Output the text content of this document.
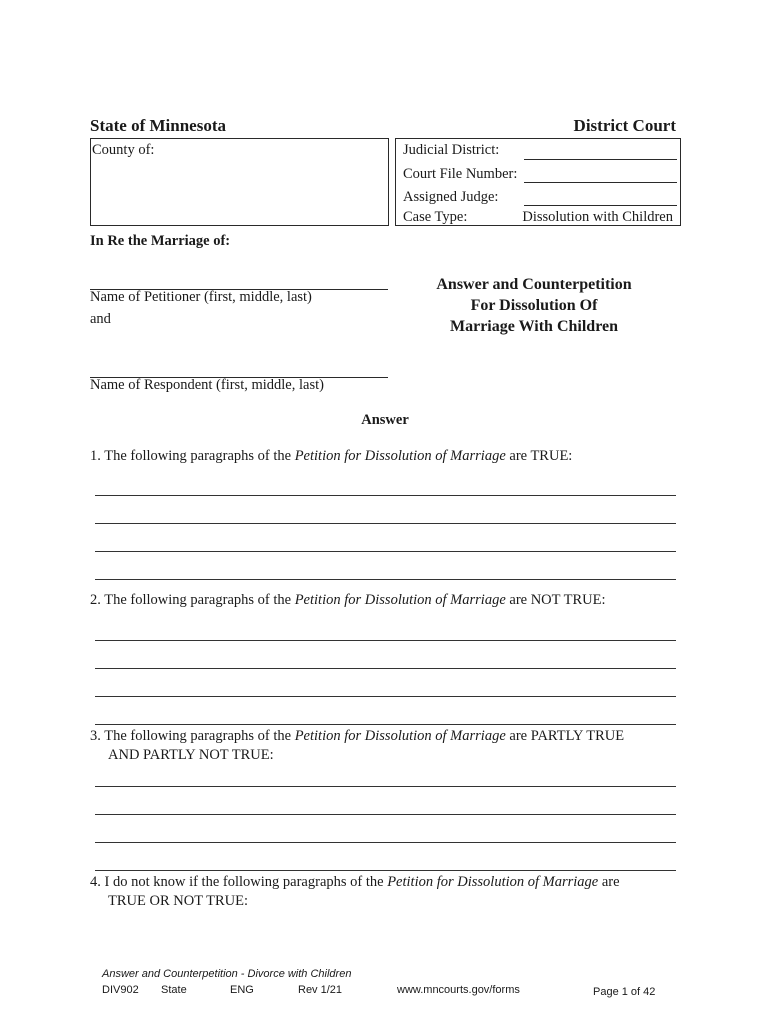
State of Minnesota	District Court
County of:	Judicial District:
Court File Number:
Assigned Judge:
Case Type:	Dissolution with Children
In Re the Marriage of:
Name of Petitioner (first, middle, last)
and
Name of Respondent (first, middle, last)
Answer and Counterpetition
For Dissolution Of
Marriage With Children
Answer
1. The following paragraphs of the Petition for Dissolution of Marriage are TRUE:
2. The following paragraphs of the Petition for Dissolution of Marriage are NOT TRUE:
3. The following paragraphs of the Petition for Dissolution of Marriage are PARTLY TRUE
AND PARTLY NOT TRUE:
4. I do not know if the following paragraphs of the Petition for Dissolution of Marriage are
TRUE OR NOT TRUE:
Answer and Counterpetition - Divorce with Children
DIV902 State	ENG	Rev 1/21	www.mncourts.gov/forms	Page 1 of 42
